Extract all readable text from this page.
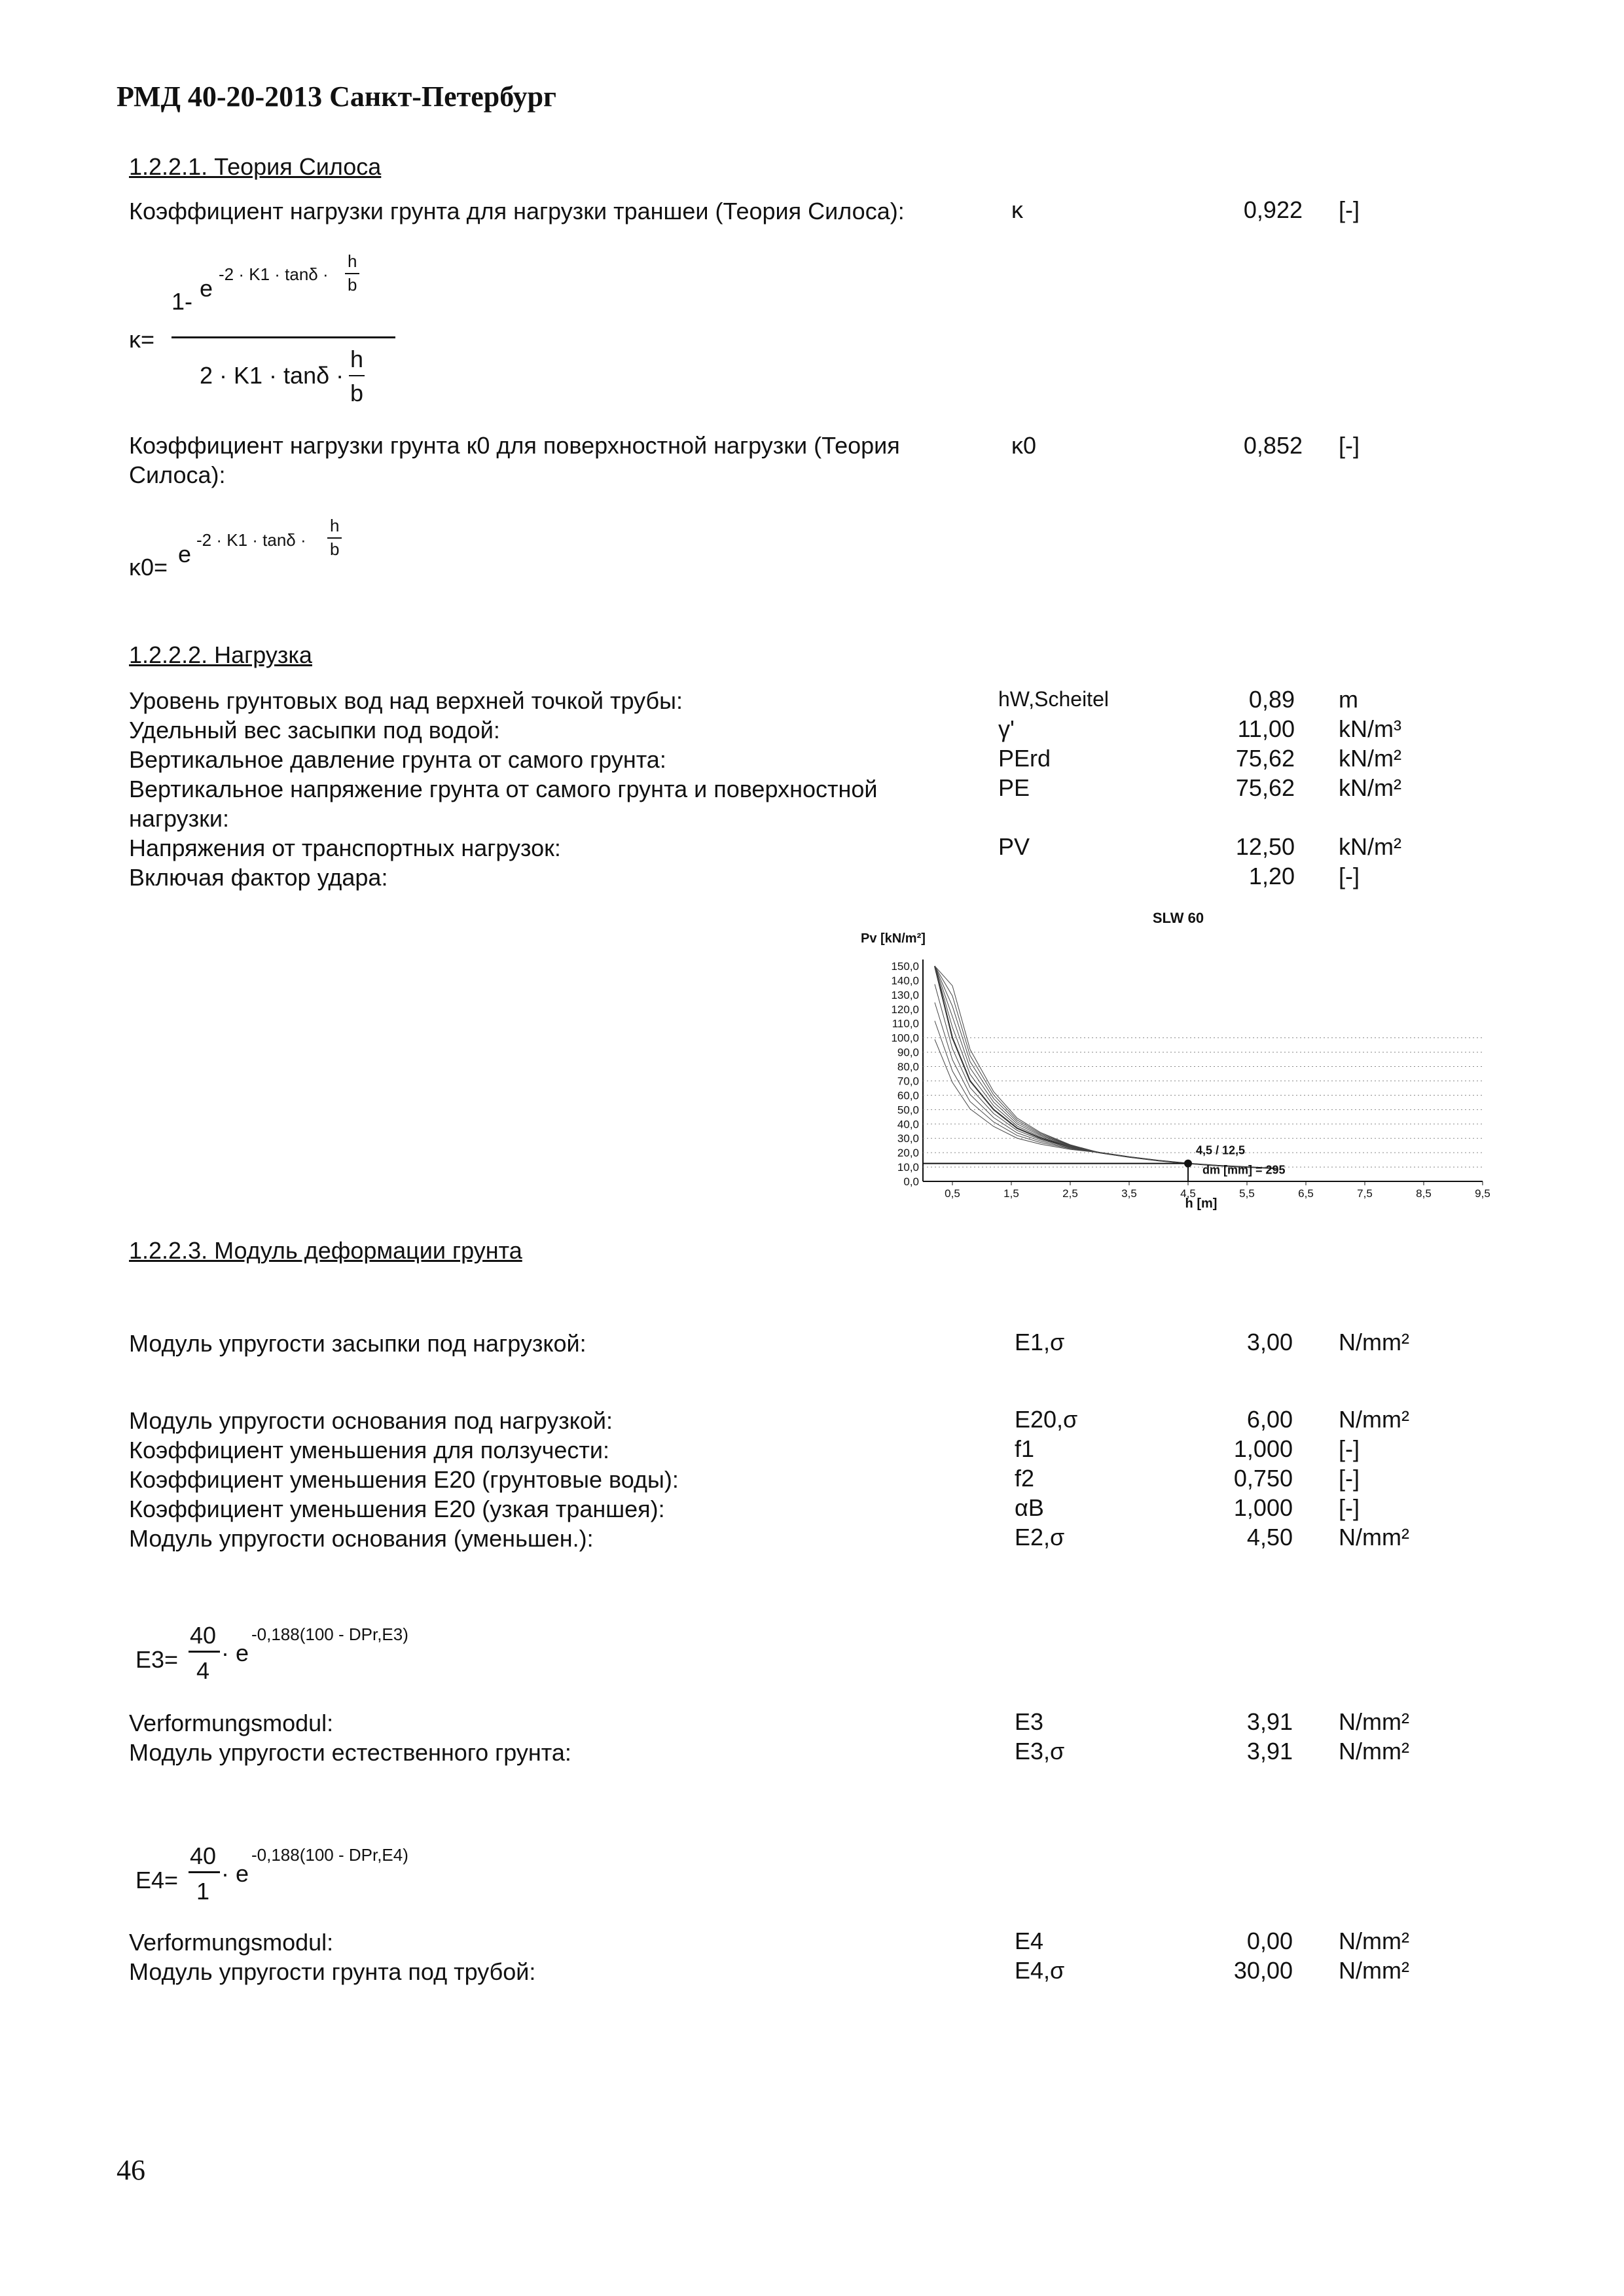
РМД 40-20-2013 Санкт-Петербург
1.2.2.1. Теория Силоса
Коэффициент нагрузки грунта для нагрузки траншеи (Теория Силоса):	κ	0,922 [-]
κ=
1- e
-2 · K1 · tanδ ·
h
b
2 · K1 · tanδ ·
h
b
Коэффициент нагрузки грунта к0 для поверхностной нагрузки (Теория
Силоса):
κ0	0,852 [-]
κ0= e
-2 · K1 · tanδ ·
h
b
1.2.2.2. Нагрузка
Уровень грунтовых вод над верхней точкой трубы:	hW,Scheitel	0,89 m
Удельный вес засыпки под водой:	γ'	11,00 kN/m³
Вертикальное давление грунта от самого грунта:	PErd	75,62 kN/m²
Вертикальное напряжение грунта от самого грунта и поверхностной	PE	75,62 kN/m²
нагрузки:
Напряжения от транспортных нагрузок:	PV	12,50 kN/m²
Включая фактор удара:	1,20 [-]
SLW 60
Pv [kN/m²]
h [m]
150,0
140,0
130,0
120,0
110,0
100,0
90,0
80,0
70,0
60,0
50,0
40,0
30,0
20,0
10,0
0,0
0,5	1,5	2,5	3,5	4,5	5,5	6,5	7,5	8,5	9,5
4,5 / 12,5
dm [mm] = 295
1.2.2.3. Модуль деформации грунта
Модуль упругости засыпки под нагрузкой:	E1,σ	3,00 N/mm²
Модуль упругости основания под нагрузкой:	E20,σ	6,00 N/mm²
Коэффициент уменьшения для ползучести:	f1	1,000 [-]
Коэффициент уменьшения E20 (грунтовые воды):	f2	0,750 [-]
Коэффициент уменьшения E20 (узкая траншея):	αB	1,000 [-]
Модуль упругости основания (уменьшен.):	E2,σ	4,50 N/mm²
E3=
40
4
· e
-0,188(100 - DPr,E3)
Verformungsmodul:	E3	3,91 N/mm²
Модуль упругости естественного грунта:	E3,σ	3,91 N/mm²
E4=
40
1
· e
-0,188(100 - DPr,E4)
Verformungsmodul:	E4	0,00 N/mm²
Модуль упругости грунта под трубой:	E4,σ	30,00 N/mm²
46
